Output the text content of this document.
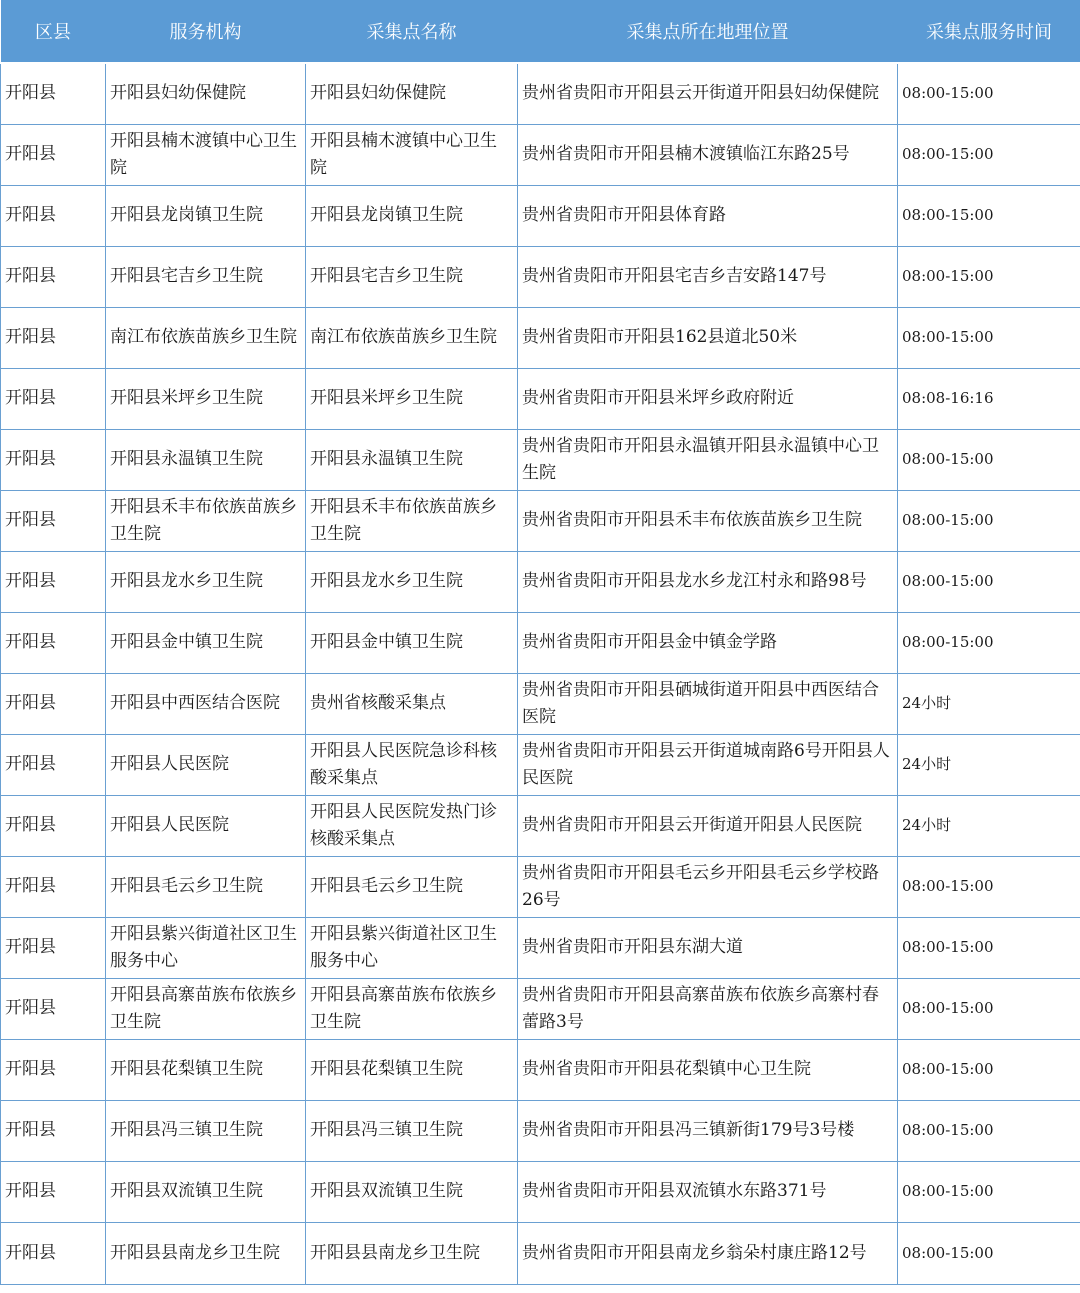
区县	服务机构	采集点名称	采集点所在地理位置	采集点服务时间
开阳县	开阳县妇幼保健院	开阳县妇幼保健院	贵州省贵阳市开阳县云开街道开阳县妇幼保健院	08:00-15:00
开阳县	开阳县楠木渡镇中心卫生院	开阳县楠木渡镇中心卫生院	贵州省贵阳市开阳县楠木渡镇临江东路25号	08:00-15:00
开阳县	开阳县龙岗镇卫生院	开阳县龙岗镇卫生院	贵州省贵阳市开阳县体育路	08:00-15:00
开阳县	开阳县宅吉乡卫生院	开阳县宅吉乡卫生院	贵州省贵阳市开阳县宅吉乡吉安路147号	08:00-15:00
开阳县	南江布依族苗族乡卫生院	南江布依族苗族乡卫生院	贵州省贵阳市开阳县162县道北50米	08:00-15:00
开阳县	开阳县米坪乡卫生院	开阳县米坪乡卫生院	贵州省贵阳市开阳县米坪乡政府附近	08:08-16:16
开阳县	开阳县永温镇卫生院	开阳县永温镇卫生院	贵州省贵阳市开阳县永温镇开阳县永温镇中心卫生院	08:00-15:00
开阳县	开阳县禾丰布依族苗族乡卫生院	开阳县禾丰布依族苗族乡卫生院	贵州省贵阳市开阳县禾丰布依族苗族乡卫生院	08:00-15:00
开阳县	开阳县龙水乡卫生院	开阳县龙水乡卫生院	贵州省贵阳市开阳县龙水乡龙江村永和路98号	08:00-15:00
开阳县	开阳县金中镇卫生院	开阳县金中镇卫生院	贵州省贵阳市开阳县金中镇金学路	08:00-15:00
开阳县	开阳县中西医结合医院	贵州省核酸采集点	贵州省贵阳市开阳县硒城街道开阳县中西医结合医院	24小时
开阳县	开阳县人民医院	开阳县人民医院急诊科核酸采集点	贵州省贵阳市开阳县云开街道城南路6号开阳县人民医院	24小时
开阳县	开阳县人民医院	开阳县人民医院发热门诊核酸采集点	贵州省贵阳市开阳县云开街道开阳县人民医院	24小时
开阳县	开阳县毛云乡卫生院	开阳县毛云乡卫生院	贵州省贵阳市开阳县毛云乡开阳县毛云乡学校路26号	08:00-15:00
开阳县	开阳县紫兴街道社区卫生服务中心	开阳县紫兴街道社区卫生服务中心	贵州省贵阳市开阳县东湖大道	08:00-15:00
开阳县	开阳县高寨苗族布依族乡卫生院	开阳县高寨苗族布依族乡卫生院	贵州省贵阳市开阳县高寨苗族布依族乡高寨村春蕾路3号	08:00-15:00
开阳县	开阳县花梨镇卫生院	开阳县花梨镇卫生院	贵州省贵阳市开阳县花梨镇中心卫生院	08:00-15:00
开阳县	开阳县冯三镇卫生院	开阳县冯三镇卫生院	贵州省贵阳市开阳县冯三镇新街179号3号楼	08:00-15:00
开阳县	开阳县双流镇卫生院	开阳县双流镇卫生院	贵州省贵阳市开阳县双流镇水东路371号	08:00-15:00
开阳县	开阳县县南龙乡卫生院	开阳县县南龙乡卫生院	贵州省贵阳市开阳县南龙乡翁朵村康庄路12号	08:00-15:00
